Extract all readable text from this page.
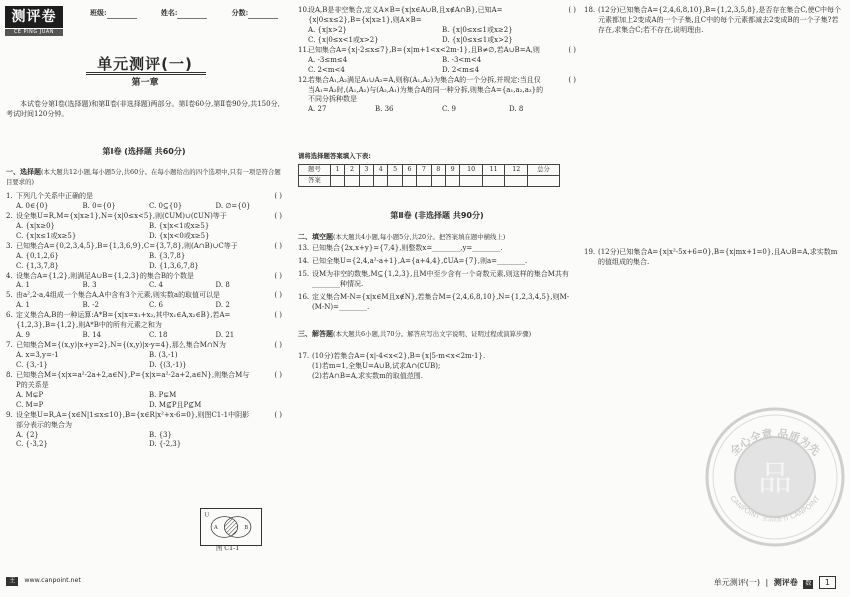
测评卷
CE PING JUAN
班级:	姓名:	分数:
单元测评(一)
第一章
本试卷分第Ⅰ卷(选择题)和第Ⅱ卷(非选择题)两部分。第Ⅰ卷60分,第Ⅱ卷90分,共150分,考试时间120分钟。
第Ⅰ卷 (选择题 共60分)
一、选择题(本大题共12小题,每小题5分,共60分。在每小题给出的四个选项中,只有一项是符合题目要求的)
1. 下列几个关系中正确的是	( )
A. 0∈{0}	B. 0={0}	C. 0⊆{0}	D. ∅={0}
2. 设全集U=R,M={x|x≥1},N={x|0≤x<5},则(∁UM)∪(∁UN)等于	( )
A. {x|x≥0}	B. {x|x<1或x≥5}
C. {x|x≤1或x≥5}	D. {x|x<0或x≥5}
3. 已知集合A={0,2,3,4,5},B={1,3,6,9},C={3,7,8},则(A∩B)∪C等于	( )
A. {0,1,2,6}	B. {3,7,8}
C. {1,3,7,8}	D. {1,3,6,7,8}
4. 设集合A={1,2},则满足A∪B={1,2,3}的集合B的个数是	( )
A. 1	B. 3	C. 4	D. 8
5. 由a²,2-a,4组成一个集合A,A中含有3个元素,则实数a的取值可以是	( )
A. 1	B. -2	C. 6	D. 2
6. 定义集合A,B的一种运算:A*B={x|x=x₁+x₂,其中x₁∈A,x₂∈B},若A={1,2,3},B={1,2},则A*B中的所有元素之和为
( )
A. 9	B. 14	C. 18	D. 21
7. 已知集合M={(x,y)|x+y=2},N={(x,y)|x-y=4},那么集合M∩N为	( )
A. x=3,y=-1	B. (3,-1)
C. {3,-1}	D. {(3,-1)}
8. 已知集合M={x|x=a²-2a+2,a∈N},P={x|x=a²-2a+2,a∈N},则集合M与P的关系是
( )
A. M⊊P	B. P⊊M
C. M=P	D. M⊈P且P⊈M
9. 设全集U=R,A={x∈N|1≤x≤10},B={x∈R|x²+x-6=0},则图C1-1中阴影部分表示的集合为
( )
A. {2}	B. {3}
C. {-3,2}	D. {-2,3}
U
A	B
图 C1-1
王 www.canpoint.net
10.
设A,B是非空集合,定义A×B={x|x∈A∪B,且x∉A∩B},已知A={x|0≤x≤2},B={x|x≥1},则A×B=
( )
A. {x|x>2}	B. {x|0≤x≤1或x≥2}
C. {x|0≤x<1或x>2}	D. {x|0≤x≤1或x>2}
11.
已知集合A={x|-2≤x≤7},B={x|m+1<x<2m-1},且B≠∅,若A∪B=A,则	( )
A. -3≤m≤4	B. -3<m<4
C. 2<m<4	D. 2<m≤4
12.
若集合A₁,A₂满足A₁∪A₂=A,则称(A₁,A₂)为集合A的一个分拆,并规定:当且仅当A₁=A₂时,(A₁,A₂)与(A₂,A₁)为集合A的同一种分拆,则集合A={a₁,a₂,a₃}的不同分拆种数是
( )
A. 27	B. 36	C. 9	D. 8
请将选择题答案填入下表:
题号	1	2	3	4	5	6	7	8	9	10	11	12	总分
答案													
第Ⅱ卷 (非选择题 共90分)
二、填空题(本大题共4小题,每小题5分,共20分。把答案填在题中横线上)
13. 已知集合{2x,x+y}={7,4},则整数x=________,y=________.
14. 已知全集U={2,4,a²-a+1},A={a+4,4},∁UA={7},则a=________.
15. 设M为非空的数集,M⊆{1,2,3},且M中至少含有一个奇数元素,则这样的集合M共有________种情况.
16. 定义集合M-N={x|x∈M且x∉N},若集合M={2,4,6,8,10},N={1,2,3,4,5},则M-(M-N)=________.
三、解答题(本大题共6小题,共70分。解答应写出文字说明、证明过程或演算步骤)
17. (10分)若集合A={x|-4<x<2},B={x|5-m<x<2m-1}.
(1)若m=1,全集U=A∪B,试求A∩(∁UB);
(2)若A∩B=A,求实数m的取值范围.
18. (12分)已知集合A={2,4,6,8,10},B={1,2,3,5,8},是否存在集合C,使C中每个元素都加上2变成A的一个子集,且C中的每个元素都减去2变成B的一个子集?若存在,求集合C;若不存在,说明理由.
19. (12分)已知集合A={x|x²-5x+6=0},B={x|mx+1=0},且A∪B=A,求实数m的值组成的集合.
单元测评(一) | 测评卷 数 1
全心全意 品质为先
CANPOINT 全品图书 CANPOINT
品
